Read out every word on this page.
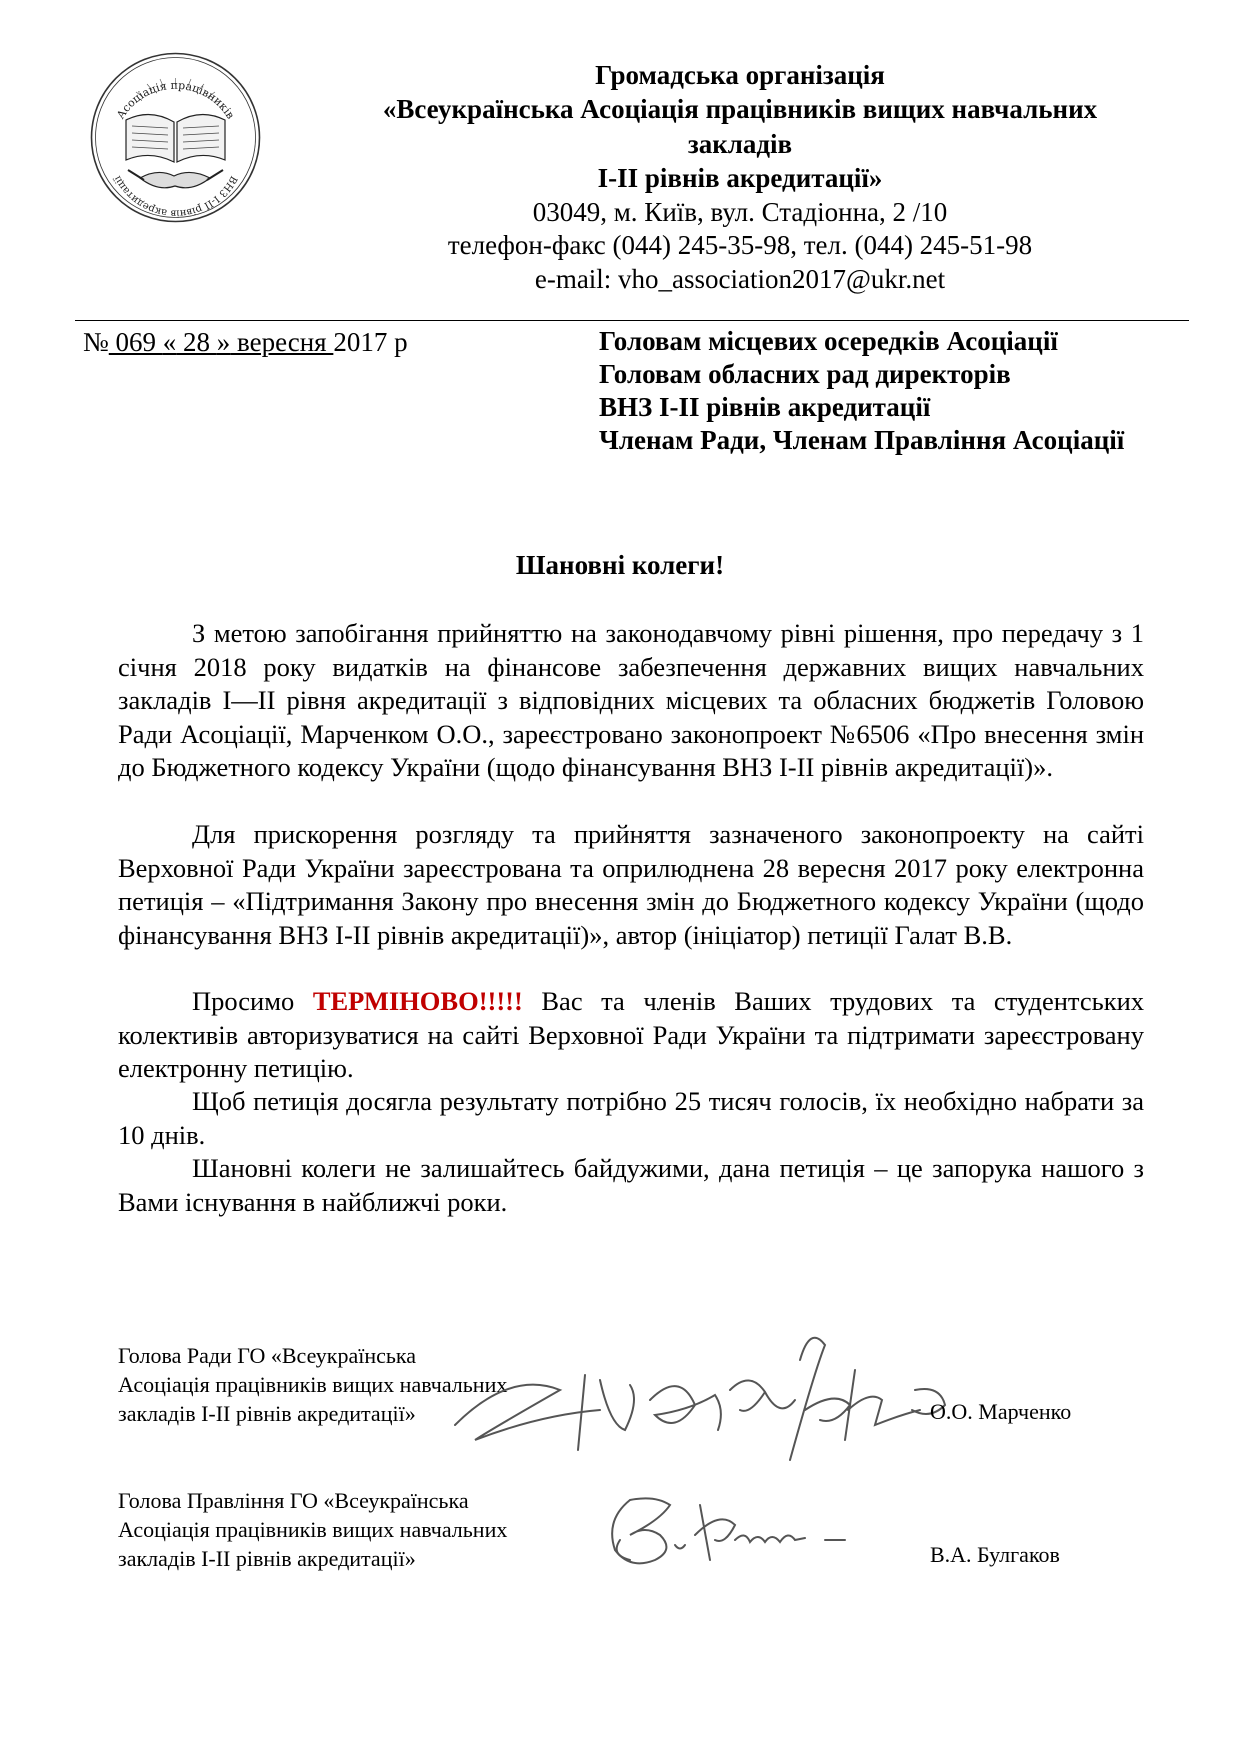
Асоціація працівників
ВНЗ I-II рівнів акредитації
Громадська організація
«Всеукраїнська Асоціація працівників вищих навчальних
закладів
I-II рівнів акредитації»
03049, м. Київ, вул. Стадіонна, 2 /10
телефон-факс (044) 245-35-98, тел. (044) 245-51-98
e-mail: vho_association2017@ukr.net
№ 069 « 28 » вересня 2017 р	Головам місцевих осередків Асоціації
Головам обласних рад директорів
ВНЗ I-II рівнів акредитації
Членам Ради, Членам Правління Асоціації
Шановні колеги!
З метою запобігання прийняттю на законодавчому рівні рішення, про передачу з 1 січня 2018 року видатків на фінансове забезпечення державних вищих навчальних закладів I—II рівня акредитації з відповідних місцевих та обласних бюджетів Головою Ради Асоціації, Марченком О.О., зареєстровано законопроект №6506 «Про внесення змін до Бюджетного кодексу України (щодо фінансування ВНЗ I-II рівнів акредитації)».
Для прискорення розгляду та прийняття зазначеного законопроекту на сайті Верховної Ради України зареєстрована та оприлюднена 28 вересня 2017 року електронна петиція – «Підтримання Закону про внесення змін до Бюджетного кодексу України (щодо фінансування ВНЗ I-II рівнів акредитації)», автор (ініціатор) петиції Галат В.В.
Просимо ТЕРМІНОВО!!!!! Вас та членів Ваших трудових та студентських колективів авторизуватися на сайті Верховної Ради України та підтримати зареєстровану електронну петицію.
Щоб петиція досягла результату потрібно 25 тисяч голосів, їх необхідно набрати за 10 днів.
Шановні колеги не залишайтесь байдужими, дана петиція – це запорука нашого з Вами існування в найближчі роки.
Голова Ради ГО «Всеукраїнська
Асоціація працівників вищих навчальних
закладів I-II рівнів акредитації»	О.О. Марченко
Голова Правління ГО «Всеукраїнська
Асоціація працівників вищих навчальних
закладів I-II рівнів акредитації»	В.А. Булгаков
